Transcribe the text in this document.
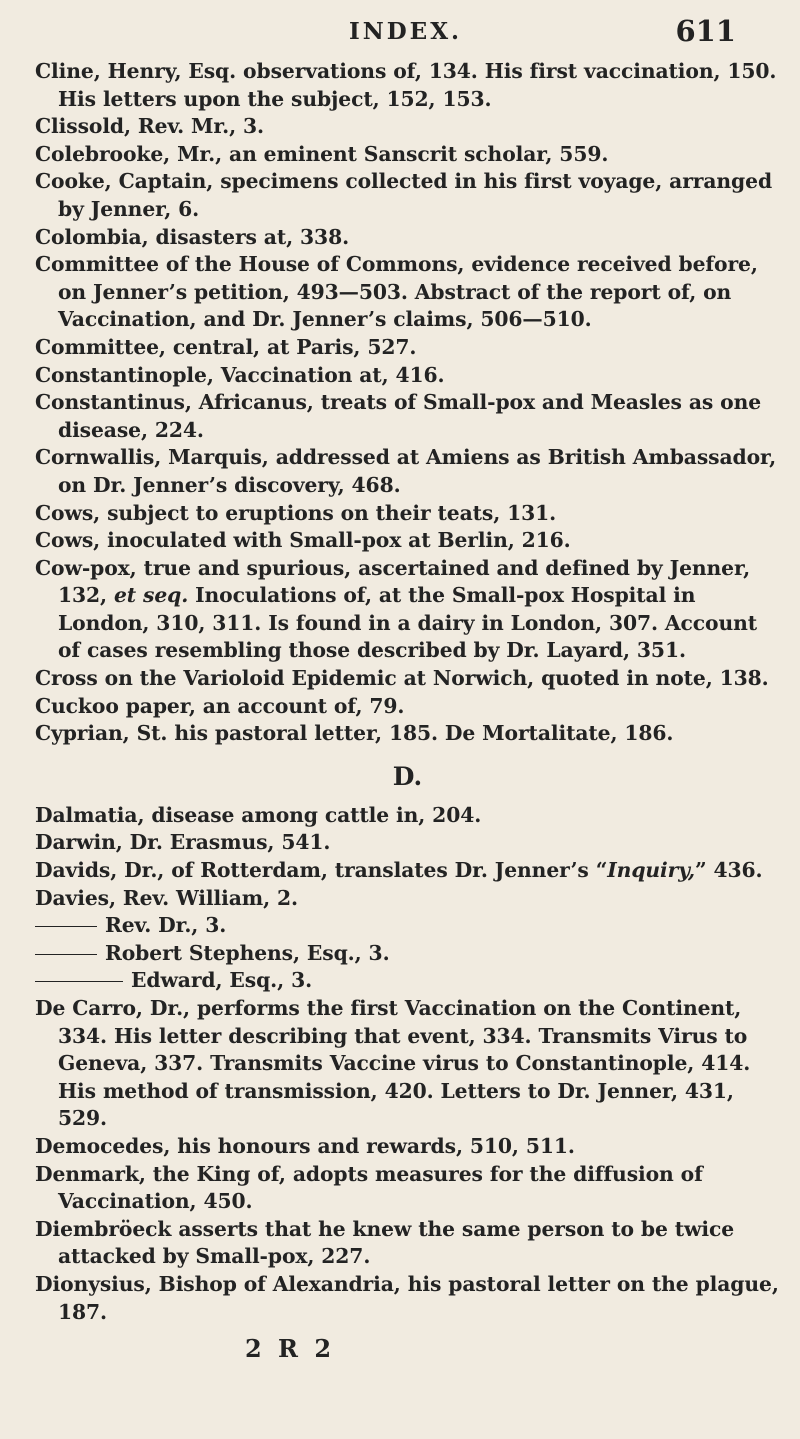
INDEX.	611

Cline, Henry, Esq. observations of, 134. His first vaccination, 150. His letters upon the subject, 152, 153.

Clissold, Rev. Mr., 3.

Colebrooke, Mr., an eminent Sanscrit scholar, 559.

Cooke, Captain, specimens collected in his first voyage, arranged by Jenner, 6.

Colombia, disasters at, 338.

Committee of the House of Commons, evidence received before, on Jenner’s petition, 493—503. Abstract of the report of, on Vaccination, and Dr. Jenner’s claims, 506—510.

Committee, central, at Paris, 527.

Constantinople, Vaccination at, 416.

Constantinus, Africanus, treats of Small-pox and Measles as one disease, 224.

Cornwallis, Marquis, addressed at Amiens as British Ambassador, on Dr. Jenner’s discovery, 468.

Cows, subject to eruptions on their teats, 131.

Cows, inoculated with Small-pox at Berlin, 216.

Cow-pox, true and spurious, ascertained and defined by Jenner, 132, et seq. Inoculations of, at the Small-pox Hospital in London, 310, 311. Is found in a dairy in London, 307. Account of cases resembling those described by Dr. Layard, 351.

Cross on the Varioloid Epidemic at Norwich, quoted in note, 138.

Cuckoo paper, an account of, 79.

Cyprian, St. his pastoral letter, 185. De Mortalitate, 186.

D.

Dalmatia, disease among cattle in, 204.

Darwin, Dr. Erasmus, 541.

Davids, Dr., of Rotterdam, translates Dr. Jenner’s “Inquiry,” 436.

Davies, Rev. William, 2.

Rev. Dr., 3.

Robert Stephens, Esq., 3.

Edward, Esq., 3.

De Carro, Dr., performs the first Vaccination on the Continent, 334. His letter describing that event, 334. Transmits Virus to Geneva, 337. Transmits Vaccine virus to Constantinople, 414. His method of transmission, 420. Letters to Dr. Jenner, 431, 529.

Democedes, his honours and rewards, 510, 511.

Denmark, the King of, adopts measures for the diffusion of Vaccination, 450.

Diembröeck asserts that he knew the same person to be twice attacked by Small-pox, 227.

Dionysius, Bishop of Alexandria, his pastoral letter on the plague, 187.

2 R 2
